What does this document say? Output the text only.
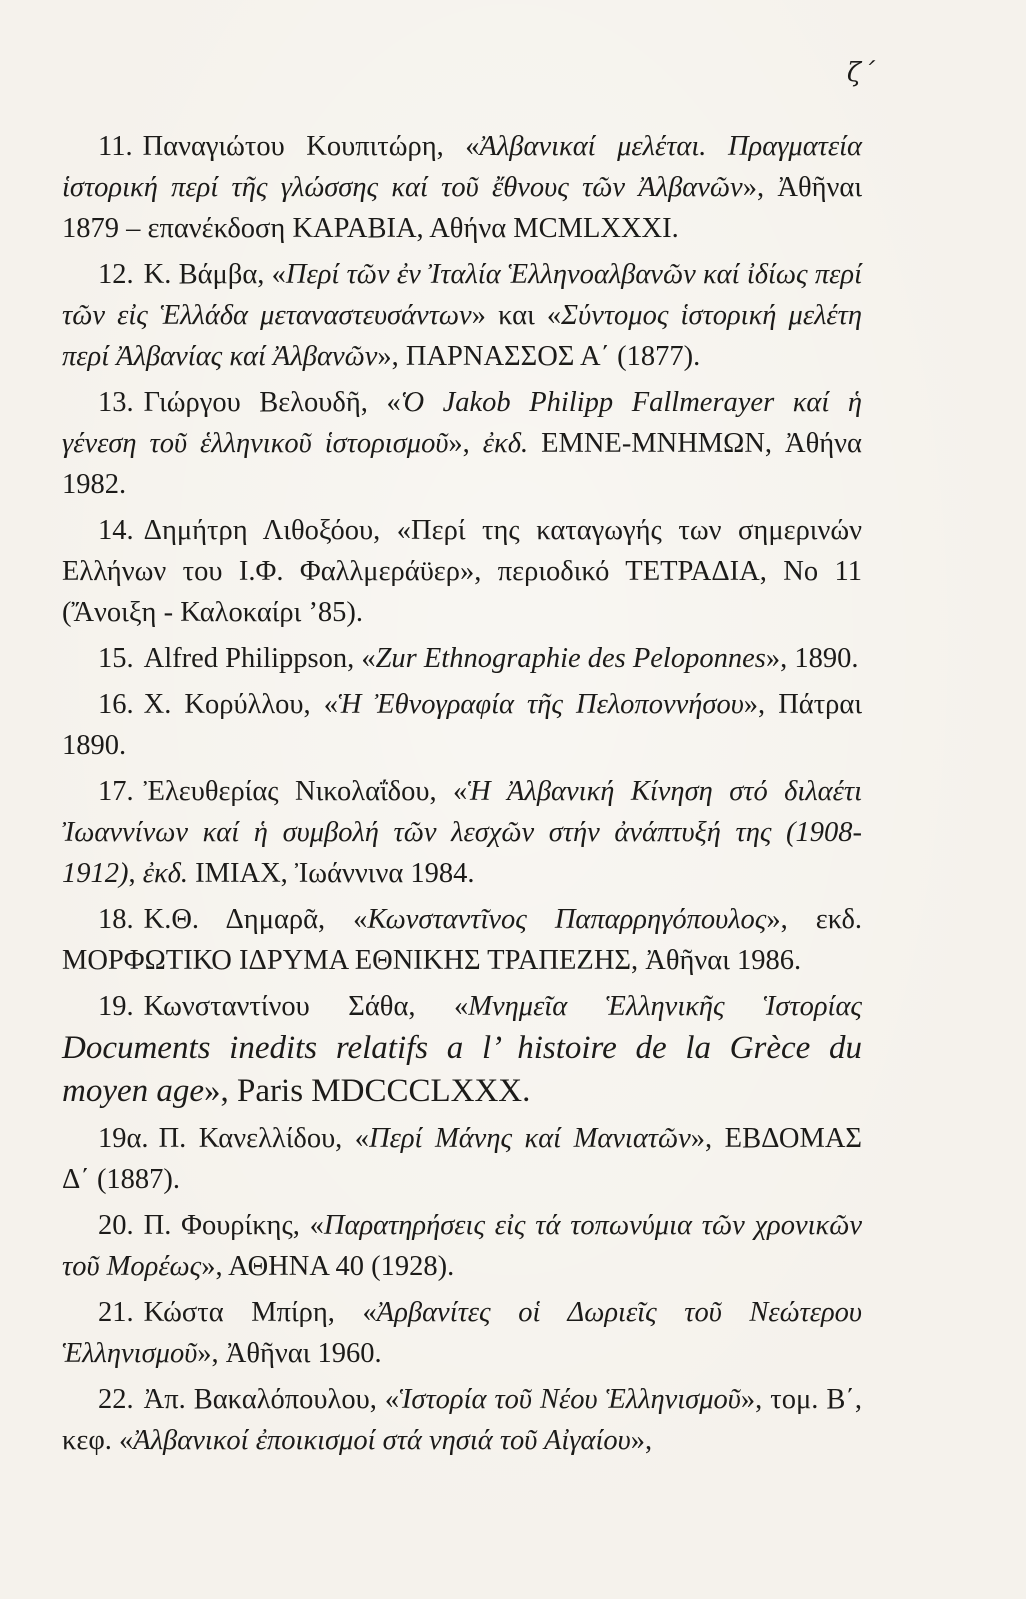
ζ΄

11. Παναγιώτου Κουπιτώρη, «Ἀλβανικαί μελέται. Πραγματεία ἱστορική περί τῆς γλώσσης καί τοῦ ἔθνους τῶν Ἀλβανῶν», Ἀθῆναι 1879 – επανέκδοση ΚΑΡΑΒΙΑ, Αθήνα MCMLXXXI.

12. Κ. Βάμβα, «Περί τῶν ἐν Ἰταλία Ἑλληνοαλβανῶν καί ἰδίως περί τῶν εἰς Ἑλλάδα μεταναστευσάντων» και «Σύντομος ἱστορική μελέτη περί Ἀλβανίας καί Ἀλβανῶν», ΠΑΡΝΑΣΣΟΣ Α΄ (1877).

13. Γιώργου Βελουδῆ, «Ὁ Jakob Philipp Fallmerayer καί ἡ γένεση τοῦ ἑλληνικοῦ ἱστορισμοῦ», ἐκδ. ΕΜΝΕ-ΜΝΗΜΩΝ, Ἀθήνα 1982.

14. Δημήτρη Λιθοξόου, «Περί της καταγωγής των σημερινών Ελλήνων του Ι.Φ. Φαλλμεράϋερ», περιοδικό ΤΕΤΡΑΔΙΑ, Νο 11 (Ἄνοιξη - Καλοκαίρι ’85).

15. Alfred Philippson, «Zur Ethnographie des Peloponnes», 1890.

16. Χ. Κορύλλου, «Ἡ Ἐθνογραφία τῆς Πελοποννήσου», Πάτραι 1890.

17. Ἐλευθερίας Νικολαΐδου, «Ἡ Ἀλβανική Κίνηση στό διλαέτι Ἰωαννίνων καί ἡ συμβολή τῶν λεσχῶν στήν ἀνάπτυξή της (1908-1912), ἐκδ. ΙΜΙΑΧ, Ἰωάννινα 1984.

18. Κ.Θ. Δημαρᾶ, «Κωνσταντῖνος Παπαρρηγόπουλος», εκδ. ΜΟΡΦΩΤΙΚΟ ΙΔΡΥΜΑ ΕΘΝΙΚΗΣ ΤΡΑΠΕΖΗΣ, Ἀθῆναι 1986.

19. Κωνσταντίνου Σάθα, «Μνημεῖα Ἑλληνικῆς Ἱστορίας Documents inedits relatifs a l’ histoire de la Grèce du moyen age», Paris MDCCCLXXX.

19α. Π. Κανελλίδου, «Περί Μάνης καί Μανιατῶν», ΕΒΔΟΜΑΣ Δ΄ (1887).

20. Π. Φουρίκης, «Παρατηρήσεις εἰς τά τοπωνύμια τῶν χρονικῶν τοῦ Μορέως», ΑΘΗΝΑ 40 (1928).

21. Κώστα Μπίρη, «Ἀρβανίτες οἱ Δωριεῖς τοῦ Νεώτερου Ἑλληνισμοῦ», Ἀθῆναι 1960.

22. Ἀπ. Βακαλόπουλου, «Ἱστορία τοῦ Νέου Ἑλληνισμοῦ», τομ. Β΄, κεφ. «Ἀλβανικοί ἐποικισμοί στά νησιά τοῦ Αἰγαίου»,
